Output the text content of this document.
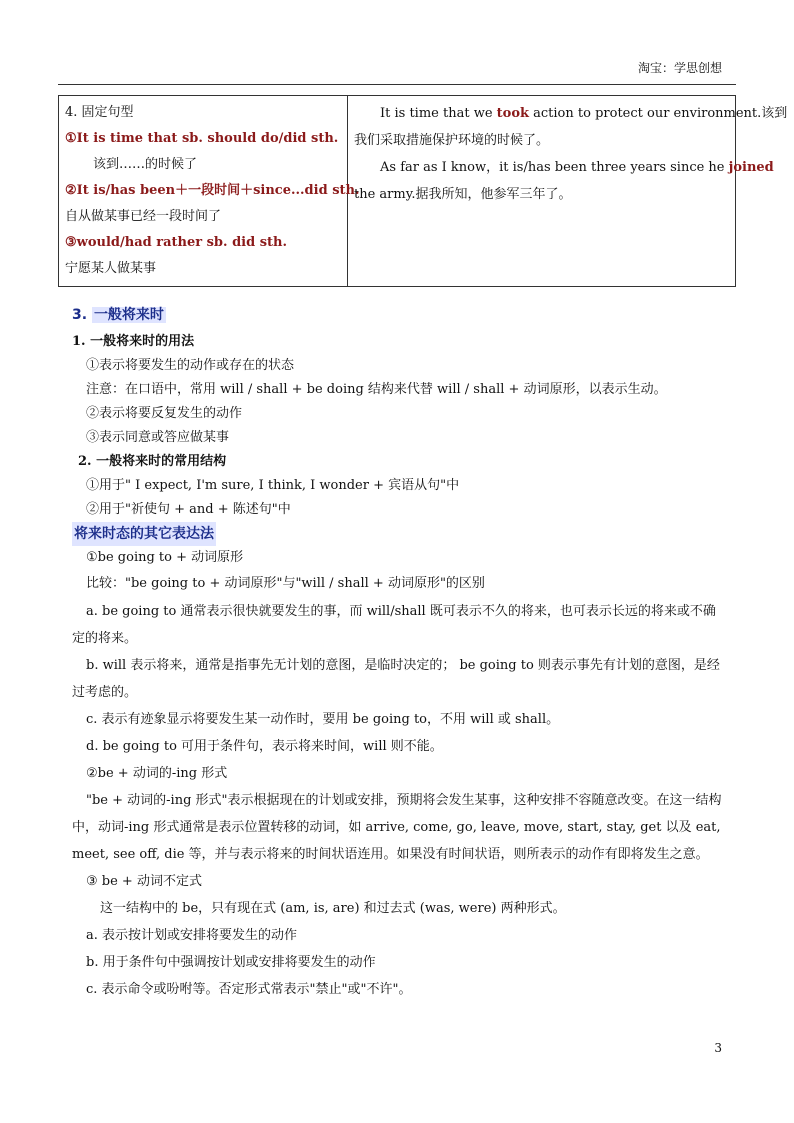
淘宝：学思创想
4. 固定句型
①It is time that sb. should do/did sth.
该到……的时候了
②It is/has been＋一段时间＋since...did sth.
自从做某事已经一段时间了
③would/had rather sb. did sth.
宁愿某人做某事

It is time that we took action to protect our environment.该到
我们采取措施保护环境的时候了。
As far as I know，it is/has been three years since he joined
the army.据我所知，他参军三年了。
3. 一般将来时
1. 一般将来时的用法
①表示将要发生的动作或存在的状态
注意：在口语中，常用 will / shall + be doing 结构来代替 will / shall + 动词原形，以表示生动。
②表示将要反复发生的动作
③表示同意或答应做某事
2. 一般将来时的常用结构
①用于" I expect, I'm sure, I think, I wonder + 宾语从句"中
②用于"祈使句 + and + 陈述句"中
将来时态的其它表达法
①be going to + 动词原形
比较："be going to + 动词原形"与"will / shall + 动词原形"的区别
a. be going to 通常表示很快就要发生的事，而 will/shall 既可表示不久的将来，也可表示长远的将来或不确定的将来。
b. will 表示将来，通常是指事先无计划的意图，是临时决定的； be going to 则表示事先有计划的意图，是经过考虑的。
c. 表示有迹象显示将要发生某一动作时，要用 be going to，不用 will 或 shall。
d. be going to 可用于条件句，表示将来时间，will 则不能。
②be + 动词的-ing 形式
"be + 动词的-ing 形式"表示根据现在的计划或安排，预期将会发生某事，这种安排不容随意改变。在这一结构中，动词-ing 形式通常是表示位置转移的动词，如 arrive, come, go, leave, move, start, stay, get 以及 eat, meet, see off, die 等，并与表示将来的时间状语连用。如果没有时间状语，则所表示的动作有即将发生之意。
③ be + 动词不定式
这一结构中的 be，只有现在式 (am, is, are) 和过去式 (was, were) 两种形式。
a. 表示按计划或安排将要发生的动作
b. 用于条件句中强调按计划或安排将要发生的动作
c. 表示命令或吩咐等。否定形式常表示"禁止"或"不许"。
3
